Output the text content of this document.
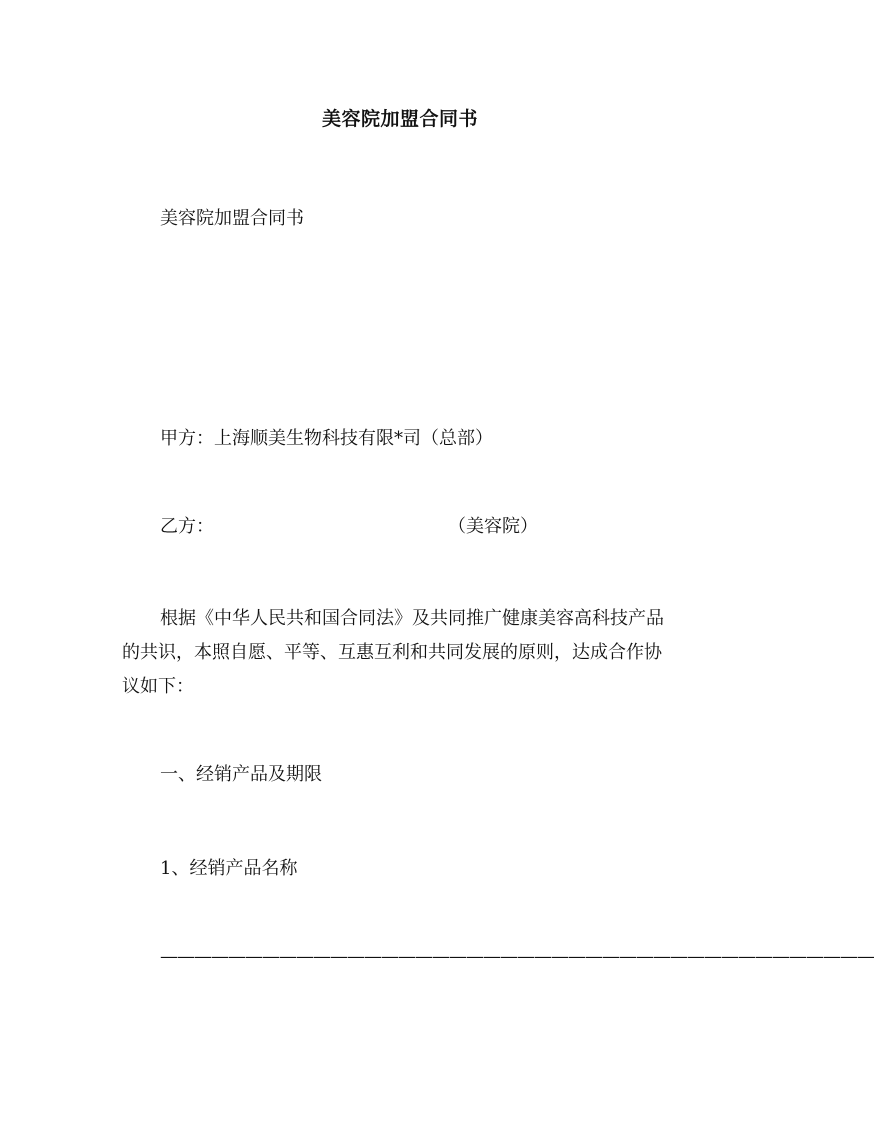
美容院加盟合同书
美容院加盟合同书
甲方：上海顺美生物科技有限*司（总部）
乙方：	（美容院）
根据《中华人民共和国合同法》及共同推广健康美容高科技产品
的共识，本照自愿、平等、互惠互利和共同发展的原则，达成合作协
议如下：
一、经销产品及期限
1、经销产品名称
——————————————————————————————————————————
